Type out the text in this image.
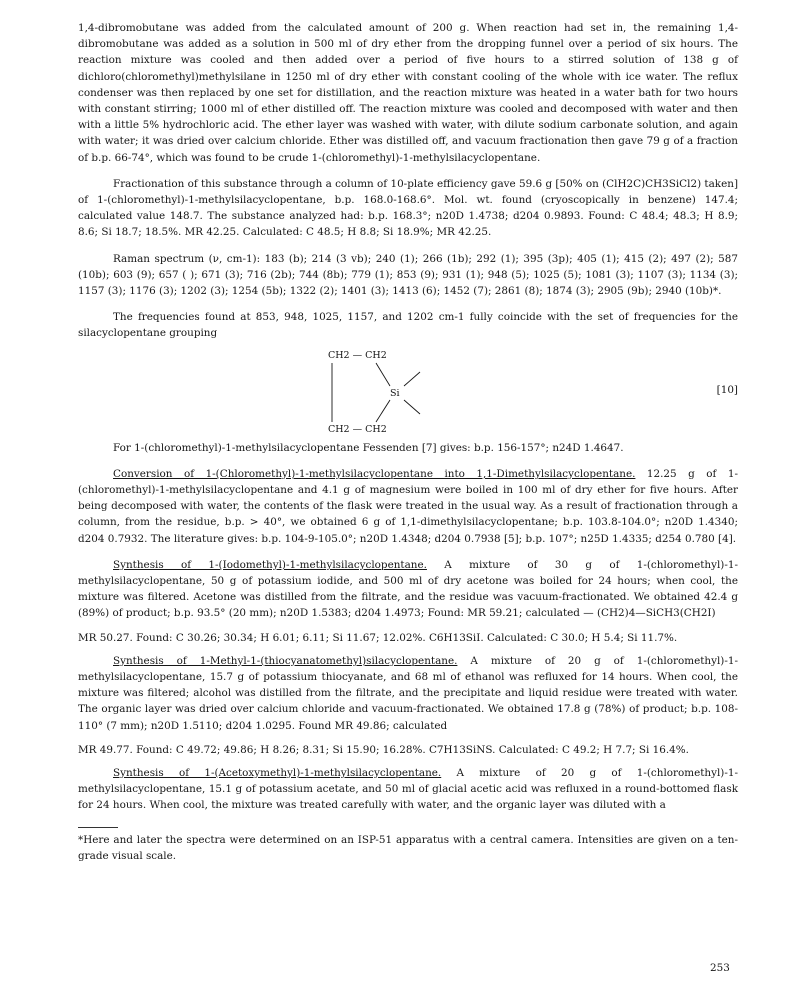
1,4-dibromobutane was added from the calculated amount of 200 g. When reaction had set in, the remaining 1,4-dibromobutane was added as a solution in 500 ml of dry ether from the dropping funnel over a period of six hours. The reaction mixture was cooled and then added over a period of five hours to a stirred solution of 138 g of dichloro(chloromethyl)methylsilane in 1250 ml of dry ether with constant cooling of the whole with ice water. The reflux condenser was then replaced by one set for distillation, and the reaction mixture was heated in a water bath for two hours with constant stirring; 1000 ml of ether distilled off. The reaction mixture was cooled and decomposed with water and then with a little 5% hydrochloric acid. The ether layer was washed with water, with dilute sodium carbonate solution, and again with water; it was dried over calcium chloride. Ether was distilled off, and vacuum fractionation then gave 79 g of a fraction of b.p. 66-74°, which was found to be crude 1-(chloromethyl)-1-methylsilacyclopentane.

Fractionation of this substance through a column of 10-plate efficiency gave 59.6 g [50% on (ClH2C)CH3SiCl2) taken] of 1-(chloromethyl)-1-methylsilacyclopentane, b.p. 168.0-168.6°. Mol. wt. found (cryoscopically in benzene) 147.4; calculated value 148.7. The substance analyzed had: b.p. 168.3°; n20D 1.4738; d204 0.9893. Found: C 48.4; 48.3; H 8.9; 8.6; Si 18.7; 18.5%. MR 42.25. Calculated: C 48.5; H 8.8; Si 18.9%; MR 42.25.

Raman spectrum (ν, cm-1): 183 (b); 214 (3 vb); 240 (1); 266 (1b); 292 (1); 395 (3p); 405 (1); 415 (2); 497 (2); 587 (10b); 603 (9); 657 ( ); 671 (3); 716 (2b); 744 (8b); 779 (1); 853 (9); 931 (1); 948 (5); 1025 (5); 1081 (3); 1107 (3); 1134 (3); 1157 (3); 1176 (3); 1202 (3); 1254 (5b); 1322 (2); 1401 (3); 1413 (6); 1452 (7); 2861 (8); 1874 (3); 2905 (9b); 2940 (10b)*.

The frequencies found at 853, 948, 1025, 1157, and 1202 cm-1 fully coincide with the set of frequencies for the silacyclopentane grouping

CH2 — CH2
CH2 — CH2
Si	[10]

For 1-(chloromethyl)-1-methylsilacyclopentane Fessenden [7] gives: b.p. 156-157°; n24D 1.4647.

Conversion of 1-(Chloromethyl)-1-methylsilacyclopentane into 1,1-Dimethylsilacyclopentane. 12.25 g of 1-(chloromethyl)-1-methylsilacyclopentane and 4.1 g of magnesium were boiled in 100 ml of dry ether for five hours. After being decomposed with water, the contents of the flask were treated in the usual way. As a result of fractionation through a column, from the residue, b.p. > 40°, we obtained 6 g of 1,1-dimethylsilacyclopentane; b.p. 103.8-104.0°; n20D 1.4340; d204 0.7932. The literature gives: b.p. 104-9-105.0°; n20D 1.4348; d204 0.7938 [5]; b.p. 107°; n25D 1.4335; d254 0.780 [4].

Synthesis of 1-(Iodomethyl)-1-methylsilacyclopentane. A mixture of 30 g of 1-(chloromethyl)-1-methylsilacyclopentane, 50 g of potassium iodide, and 500 ml of dry acetone was boiled for 24 hours; when cool, the mixture was filtered. Acetone was distilled from the filtrate, and the residue was vacuum-fractionated. We obtained 42.4 g (89%) of product; b.p. 93.5° (20 mm); n20D 1.5383; d204 1.4973; Found: MR 59.21; calculated — (CH2)4—SiCH3(CH2I)

MR 50.27. Found: C 30.26; 30.34; H 6.01; 6.11; Si 11.67; 12.02%. C6H13SiI. Calculated: C 30.0; H 5.4; Si 11.7%.

Synthesis of 1-Methyl-1-(thiocyanatomethyl)silacyclopentane. A mixture of 20 g of 1-(chloromethyl)-1-methylsilacyclopentane, 15.7 g of potassium thiocyanate, and 68 ml of ethanol was refluxed for 14 hours. When cool, the mixture was filtered; alcohol was distilled from the filtrate, and the precipitate and liquid residue were treated with water. The organic layer was dried over calcium chloride and vacuum-fractionated. We obtained 17.8 g (78%) of product; b.p. 108-110° (7 mm); n20D 1.5110; d204 1.0295. Found MR 49.86; calculated

MR 49.77. Found: C 49.72; 49.86; H 8.26; 8.31; Si 15.90; 16.28%. C7H13SiNS. Calculated: C 49.2; H 7.7; Si 16.4%.

Synthesis of 1-(Acetoxymethyl)-1-methylsilacyclopentane. A mixture of 20 g of 1-(chloromethyl)-1-methylsilacyclopentane, 15.1 g of potassium acetate, and 50 ml of glacial acetic acid was refluxed in a round-bottomed flask for 24 hours. When cool, the mixture was treated carefully with water, and the organic layer was diluted with a

*Here and later the spectra were determined on an ISP-51 apparatus with a central camera. Intensities are given on a ten-grade visual scale.

253
